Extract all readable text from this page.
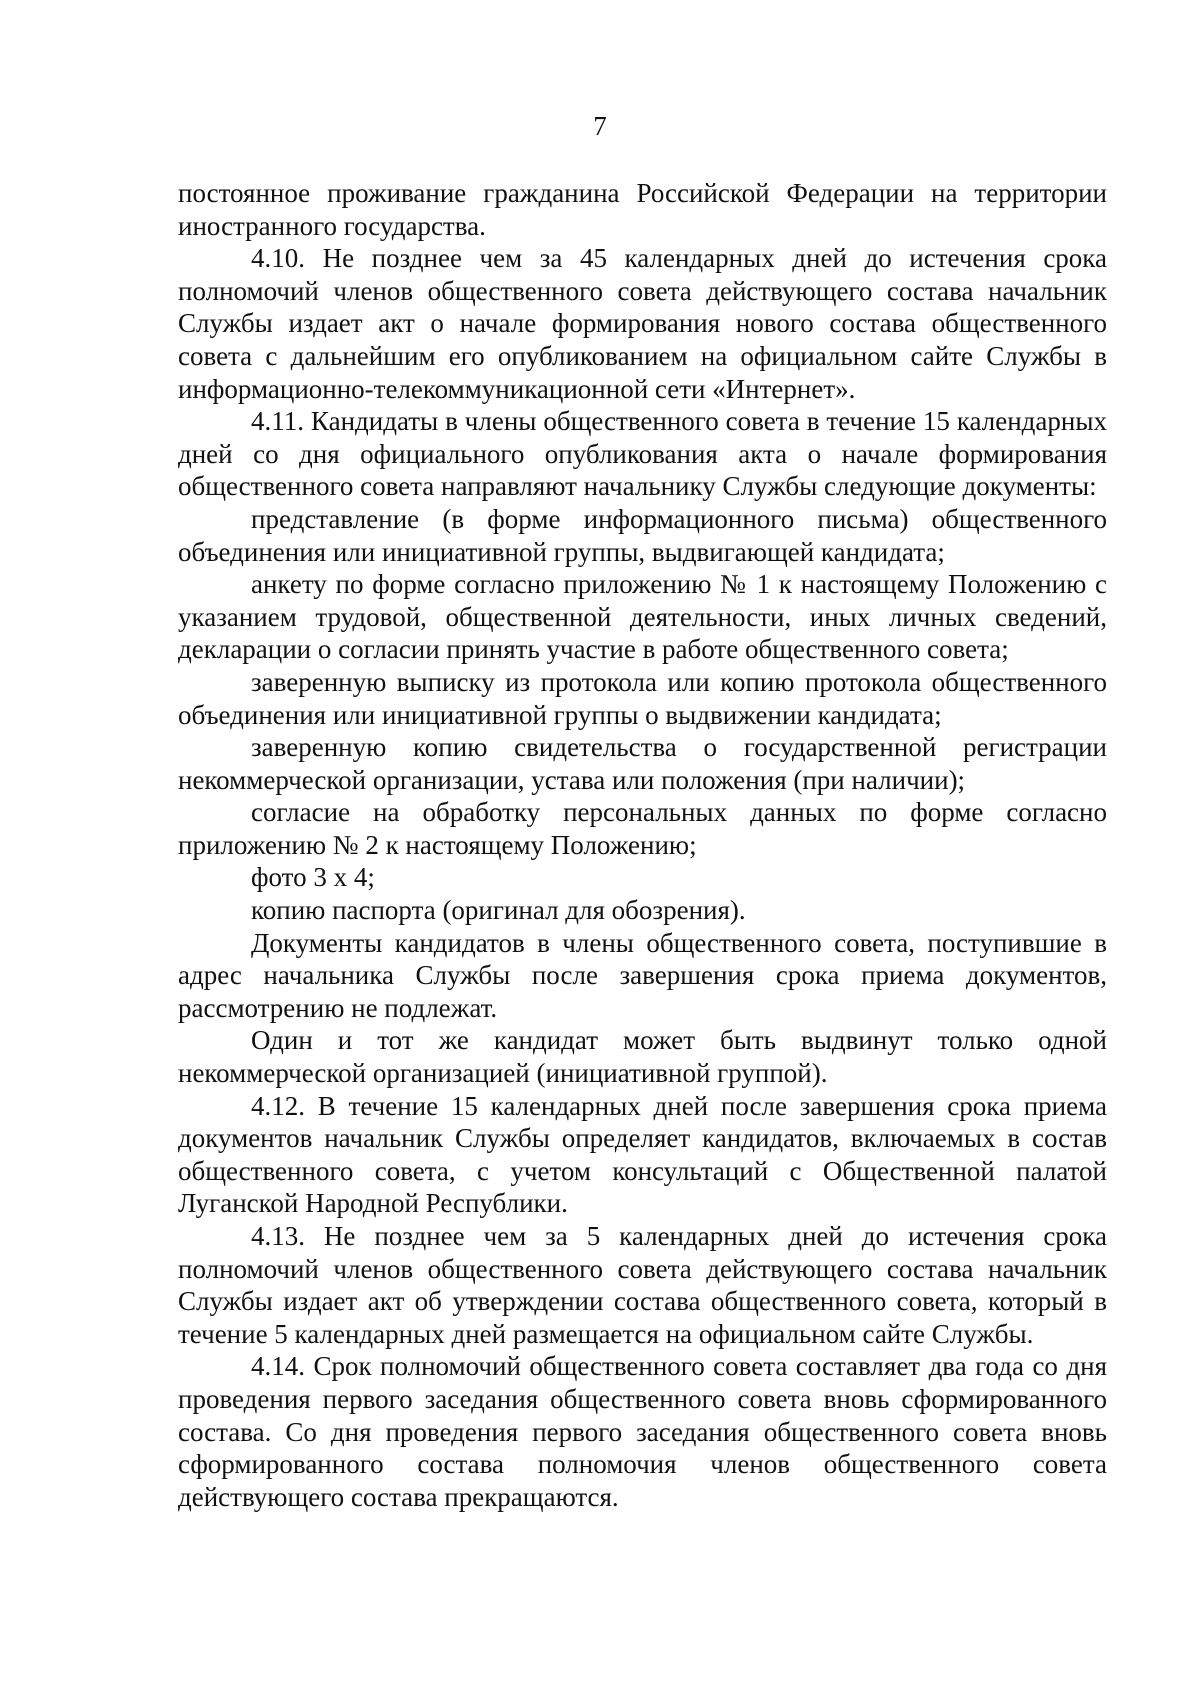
7

постоянное проживание гражданина Российской Федерации на территории иностранного государства.

4.10. Не позднее чем за 45 календарных дней до истечения срока полномочий членов общественного совета действующего состава начальник Службы издает акт о начале формирования нового состава общественного совета с дальнейшим его опубликованием на официальном сайте Службы в информационно-телекоммуникационной сети «Интернет».

4.11. Кандидаты в члены общественного совета в течение 15 календарных дней со дня официального опубликования акта о начале формирования общественного совета направляют начальнику Службы следующие документы:

представление (в форме информационного письма) общественного объединения или инициативной группы, выдвигающей кандидата;

анкету по форме согласно приложению № 1 к настоящему Положению с указанием трудовой, общественной деятельности, иных личных сведений, декларации о согласии принять участие в работе общественного совета;

заверенную выписку из протокола или копию протокола общественного объединения или инициативной группы о выдвижении кандидата;

заверенную копию свидетельства о государственной регистрации некоммерческой организации, устава или положения (при наличии);

согласие на обработку персональных данных по форме согласно приложению № 2 к настоящему Положению;

фото 3 х 4;

копию паспорта (оригинал для обозрения).

Документы кандидатов в члены общественного совета, поступившие в адрес начальника Службы после завершения срока приема документов, рассмотрению не подлежат.

Один и тот же кандидат может быть выдвинут только одной некоммерческой организацией (инициативной группой).

4.12. В течение 15 календарных дней после завершения срока приема документов начальник Службы определяет кандидатов, включаемых в состав общественного совета, с учетом консультаций с Общественной палатой Луганской Народной Республики.

4.13. Не позднее чем за 5 календарных дней до истечения срока полномочий членов общественного совета действующего состава начальник Службы издает акт об утверждении состава общественного совета, который в течение 5 календарных дней размещается на официальном сайте Службы.

4.14. Срок полномочий общественного совета составляет два года со дня проведения первого заседания общественного совета вновь сформированного состава. Со дня проведения первого заседания общественного совета вновь сформированного состава полномочия членов общественного совета действующего состава прекращаются.
